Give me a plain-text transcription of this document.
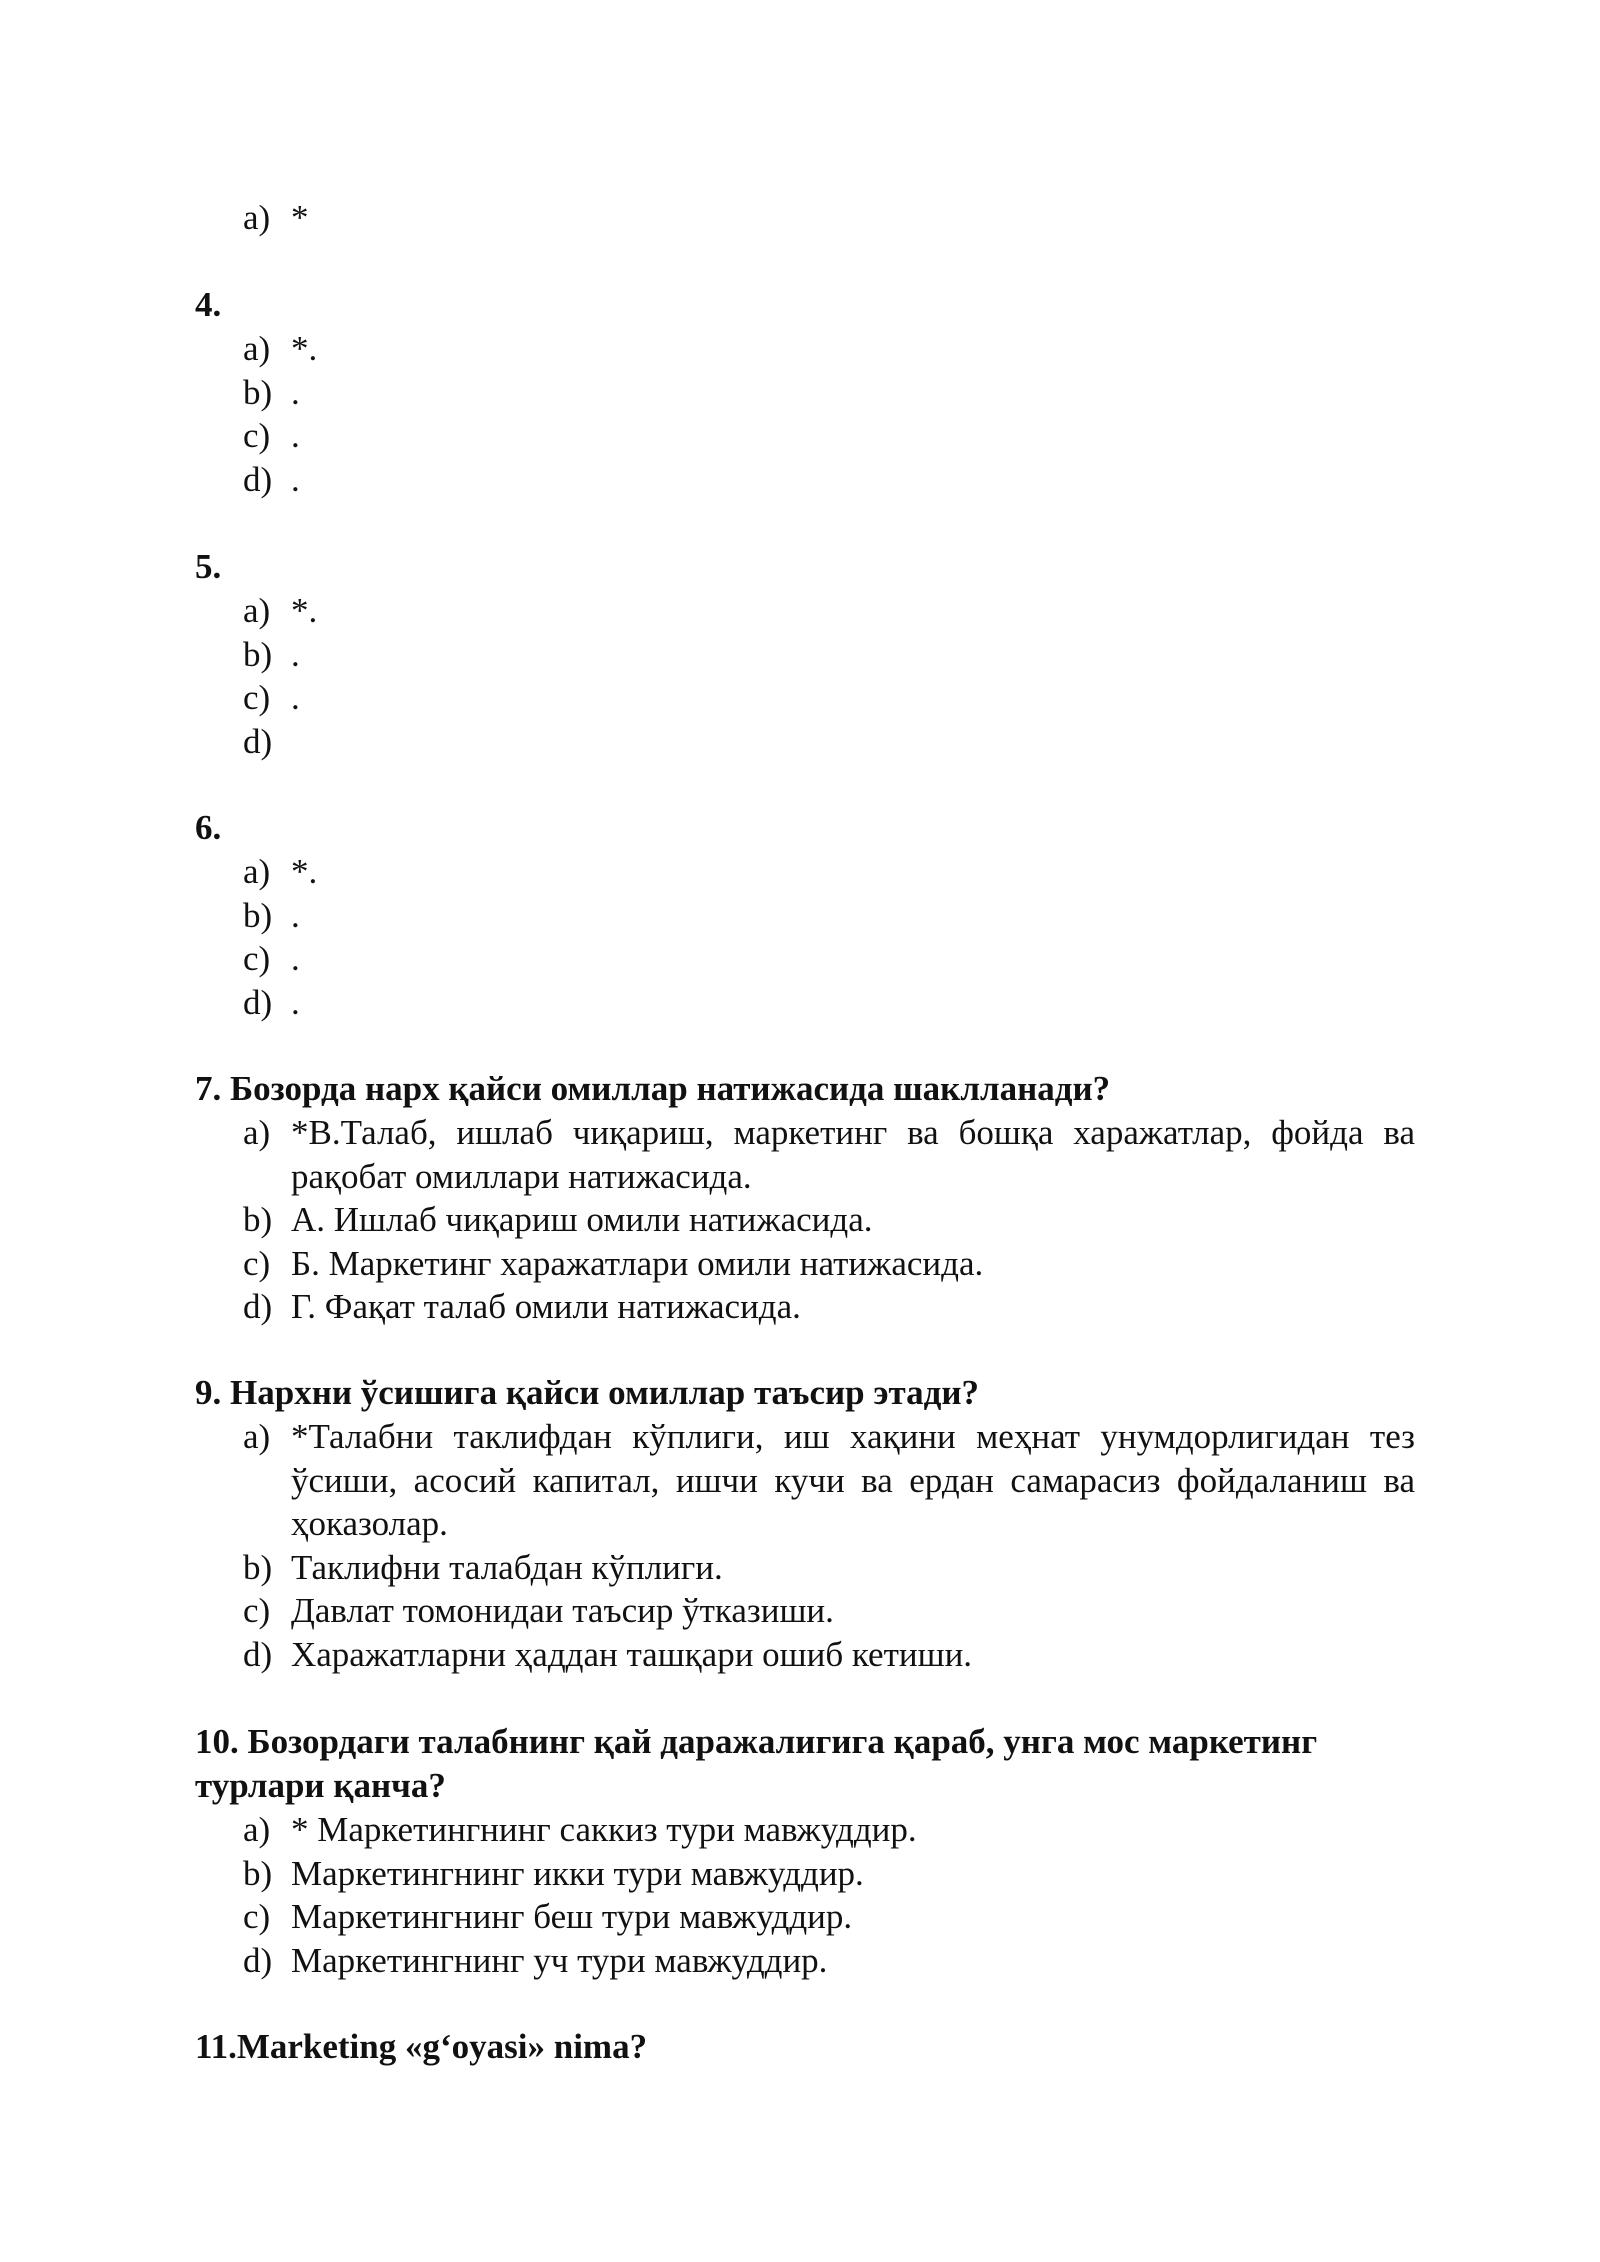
a) *
4.
a) *.
b) .
c) .
d) .
5.
a) *.
b) .
c) .
d)
6.
a) *.
b) .
c) .
d) .
7. Бозорда нарх қайси омиллар натижасида шаклланади?
a) *В.Талаб, ишлаб чиқариш, маркетинг ва бошқа харажатлар, фойда ва рақобат омиллари натижасида.
b) А. Ишлаб чиқариш омили натижасида.
c) Б. Маркетинг харажатлари омили натижасида.
d) Г. Фақат талаб омили натижасида.
9. Нархни ўсишига қайси омиллар таъсир этади?
a) *Талабни таклифдан кўплиги, иш хақини меҳнат унумдорлигидан тез ўсиши, асосий капитал, ишчи кучи ва ердан самарасиз фойдаланиш ва ҳоказолар.
b) Таклифни талабдан кўплиги.
c) Давлат томонидаи таъсир ўтказиши.
d) Харажатларни ҳаддан ташқари ошиб кетиши.
10. Бозордаги талабнинг қай даражалигига қараб, унга мос маркетинг турлари қанча?
a) * Маркетингнинг саккиз тури мавжуддир.
b) Маркетингнинг икки тури мавжуддир.
c) Маркетингнинг беш тури мавжуддир.
d) Маркетингнинг уч тури мавжуддир.
11.Marketing «g‘oyasi» nima?
